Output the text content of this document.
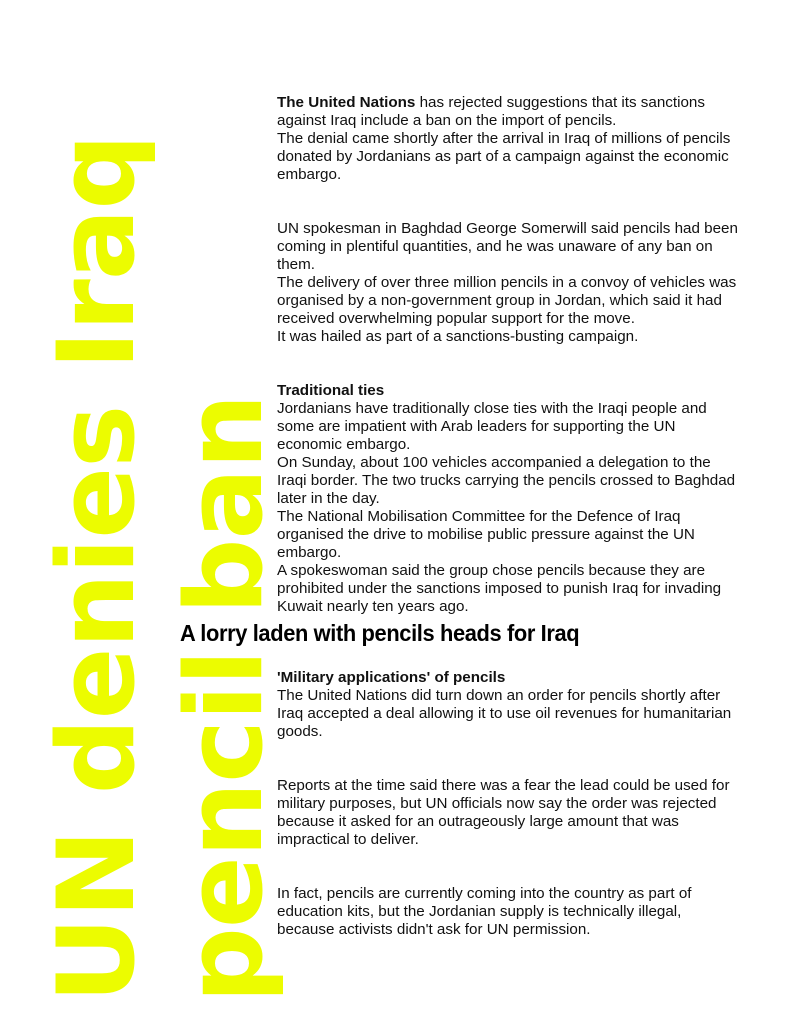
UN denies Iraq pencil ban

The United Nations has rejected suggestions that its sanctions against Iraq include a ban on the import of pencils.

The denial came shortly after the arrival in Iraq of millions of pencils donated by Jordanians as part of a campaign against the economic embargo.

UN spokesman in Baghdad George Somerwill said pencils had been coming in plentiful quantities, and he was unaware of any ban on them.

The delivery of over three million pencils in a convoy of vehicles was organised by a non-government group in Jordan, which said it had received overwhelming popular support for the move.

It was hailed as part of a sanctions-busting campaign.

Traditional ties

Jordanians have traditionally close ties with the Iraqi people and some are impatient with Arab leaders for supporting the UN economic embargo.

On Sunday, about 100 vehicles accompanied a delegation to the Iraqi border. The two trucks carrying the pencils crossed to Baghdad later in the day.

The National Mobilisation Committee for the Defence of Iraq organised the drive to mobilise public pressure against the UN embargo.

A spokeswoman said the group chose pencils because they are prohibited under the sanctions imposed to punish Iraq for invading Kuwait nearly ten years ago.

A lorry laden with pencils heads for Iraq

'Military applications' of pencils

The United Nations did turn down an order for pencils shortly after Iraq accepted a deal allowing it to use oil revenues for humanitarian goods.

Reports at the time said there was a fear the lead could be used for military purposes, but UN officials now say the order was rejected because it asked for an outrageously large amount that was impractical to deliver.

In fact, pencils are currently coming into the country as part of education kits, but the Jordanian supply is technically illegal, because activists didn't ask for UN permission.
